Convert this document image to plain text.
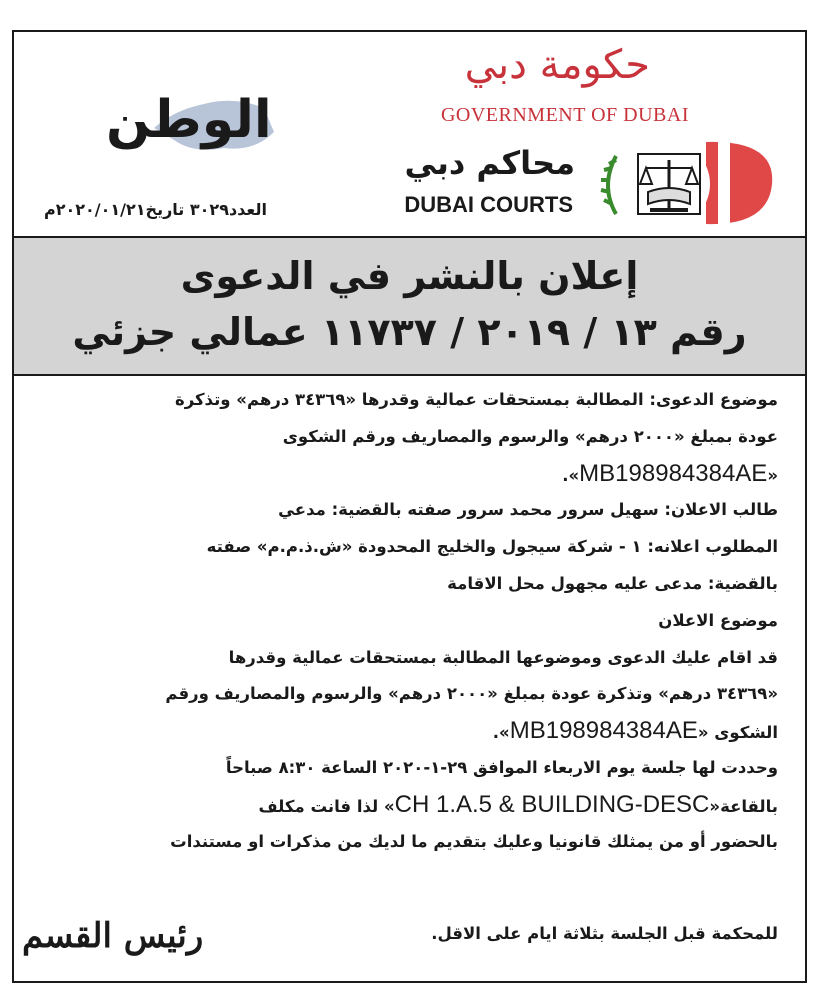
حكومة دبي
GOVERNMENT OF DUBAI
محاكم دبي
DUBAI COURTS
الوطن
العدد٣٠٢٩ تاريخ٢٠٢٠/٠١/٢١م
إعلان بالنشر في الدعوى
رقم ١٣ / ٢٠١٩ / ١١٧٣٧ عمالي جزئي
موضوع الدعوى: المطالبة بمستحقات عمالية وقدرها «٣٤٣٦٩ درهم» وتذكرة
عودة بمبلغ «٢٠٠٠ درهم» والرسوم والمصاريف ورقم الشكوى
«MB198984384AE».
طالب الاعلان: سهيل سرور محمد سرور صفته بالقضية: مدعي
المطلوب اعلانه: ١ - شركة سيجول والخليج المحدودة «ش.ذ.م.م» صفته
بالقضية: مدعى عليه مجهول محل الاقامة
موضوع الاعلان
قد اقام عليك الدعوى وموضوعها المطالبة بمستحقات عمالية وقدرها
«٣٤٣٦٩ درهم» وتذكرة عودة بمبلغ «٢٠٠٠ درهم» والرسوم والمصاريف ورقم
الشكوى «MB198984384AE».
وحددت لها جلسة يوم الاربعاء الموافق ٢٩-١-٢٠٢٠ الساعة ٨:٣٠ صباحاً
بالقاعة«CH 1.A.5 & BUILDING-DESC» لذا فانت مكلف
بالحضور أو من يمثلك قانونيا وعليك بتقديم ما لديك من مذكرات او مستندات
للمحكمة قبل الجلسة بثلاثة ايام على الاقل.
رئيس القسم
